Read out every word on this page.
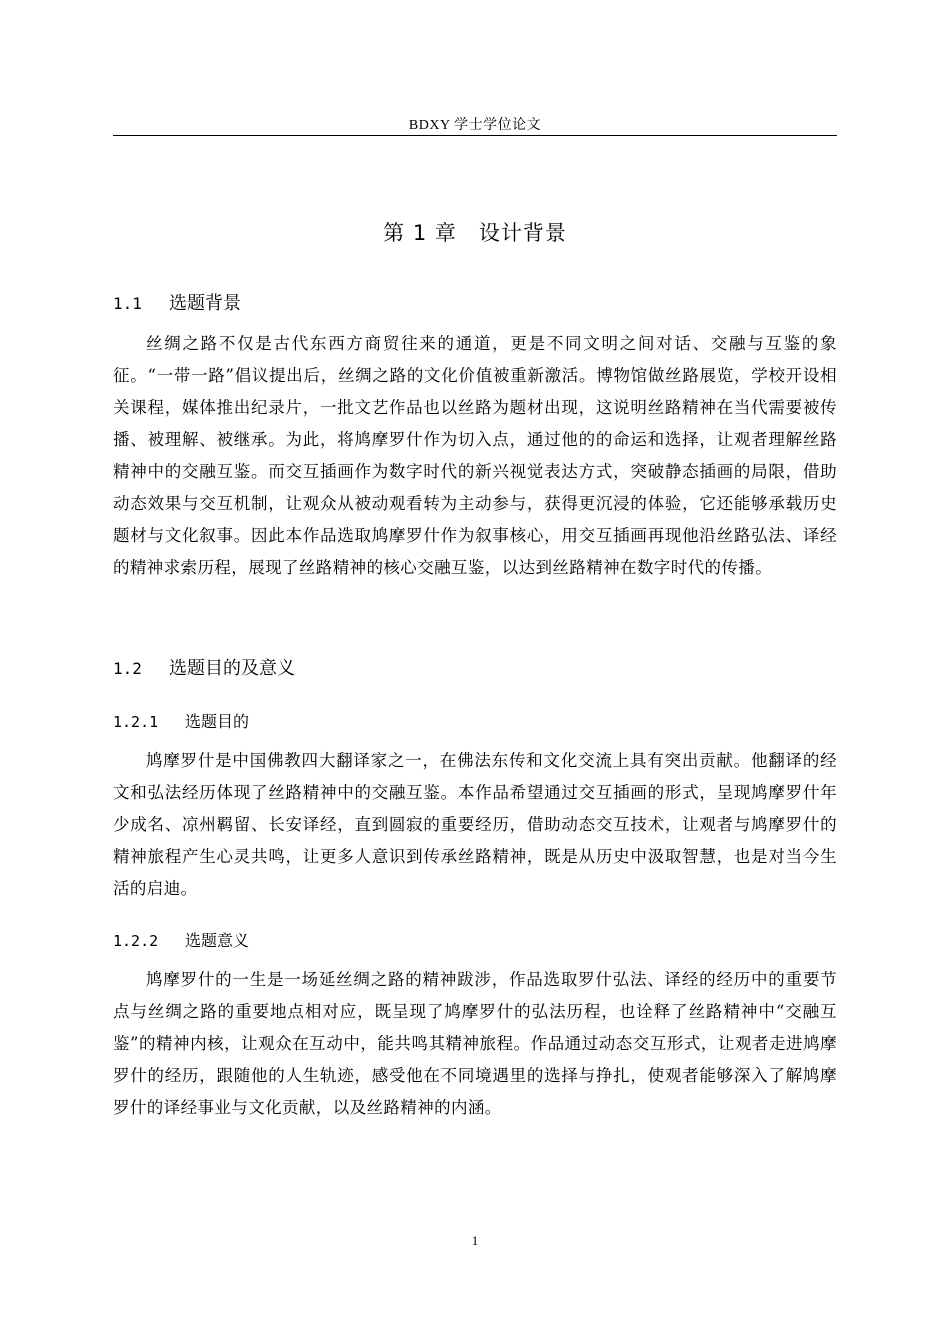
BDXY 学士学位论文
第 1 章 设计背景
1.1 选题背景

丝绸之路不仅是古代东西方商贸往来的通道，更是不同文明之间对话、交融与互鉴的象征。“一带一路”倡议提出后，丝绸之路的文化价值被重新激活。博物馆做丝路展览，学校开设相关课程，媒体推出纪录片，一批文艺作品也以丝路为题材出现，这说明丝路精神在当代需要被传播、被理解、被继承。为此，将鸠摩罗什作为切入点，通过他的的命运和选择，让观者理解丝路精神中的交融互鉴。而交互插画作为数字时代的新兴视觉表达方式，突破静态插画的局限，借助动态效果与交互机制，让观众从被动观看转为主动参与，获得更沉浸的体验，它还能够承载历史题材与文化叙事。因此本作品选取鸠摩罗什作为叙事核心，用交互插画再现他沿丝路弘法、译经的精神求索历程，展现了丝路精神的核心交融互鉴，以达到丝路精神在数字时代的传播。

1.2 选题目的及意义
1.2.1 选题目的

鸠摩罗什是中国佛教四大翻译家之一，在佛法东传和文化交流上具有突出贡献。他翻译的经文和弘法经历体现了丝路精神中的交融互鉴。本作品希望通过交互插画的形式，呈现鸠摩罗什年少成名、凉州羁留、长安译经，直到圆寂的重要经历，借助动态交互技术，让观者与鸠摩罗什的精神旅程产生心灵共鸣，让更多人意识到传承丝路精神，既是从历史中汲取智慧，也是对当今生活的启迪。

1.2.2 选题意义

鸠摩罗什的一生是一场延丝绸之路的精神跋涉，作品选取罗什弘法、译经的经历中的重要节点与丝绸之路的重要地点相对应，既呈现了鸠摩罗什的弘法历程，也诠释了丝路精神中“交融互鉴”的精神内核，让观众在互动中，能共鸣其精神旅程。作品通过动态交互形式，让观者走进鸠摩罗什的经历，跟随他的人生轨迹，感受他在不同境遇里的选择与挣扎，使观者能够深入了解鸠摩罗什的译经事业与文化贡献，以及丝路精神的内涵。

1
